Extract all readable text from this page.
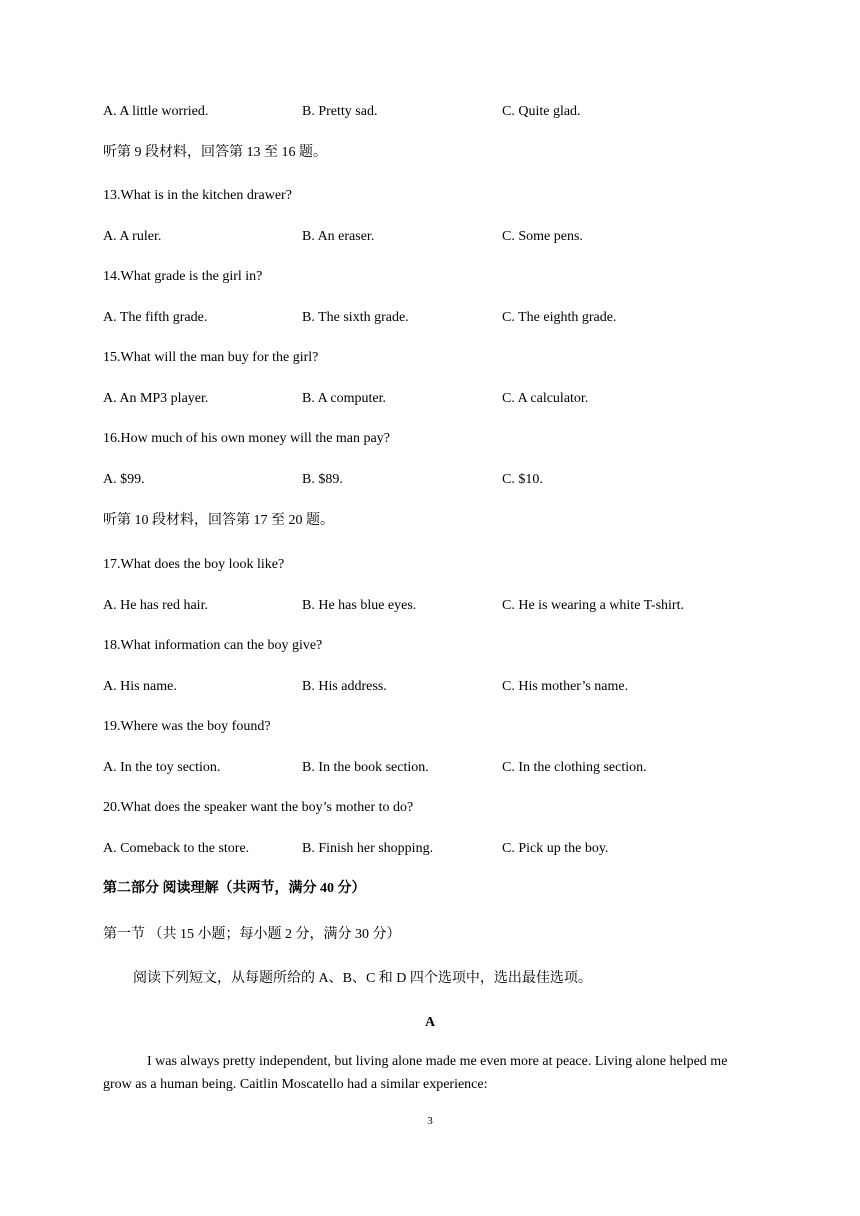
A. A little worried.	B. Pretty sad.	C. Quite glad.
听第 9 段材料，回答第 13 至 16 题。
13.What is in the kitchen drawer?
A. A ruler.	B. An eraser.	C. Some pens.
14.What grade is the girl in?
A. The fifth grade.	B. The sixth grade.	C. The eighth grade.
15.What will the man buy for the girl?
A. An MP3 player.	B. A computer.	C. A calculator.
16.How much of his own money will the man pay?
A. $99.	B. $89.	C. $10.
听第 10 段材料，回答第 17 至 20 题。
17.What does the boy look like?
A. He has red hair.	B. He has blue eyes.	C. He is wearing a white T-shirt.
18.What information can the boy give?
A. His name.	B. His address.	C. His mother’s name.
19.Where was the boy found?
A. In the toy section.	B. In the book section.	C. In the clothing section.
20.What does the speaker want the boy’s mother to do?
A. Comeback to the store.	B. Finish her shopping.	C. Pick up the boy.
第二部分 阅读理解（共两节，满分 40 分）
第一节 （共 15 小题；每小题 2 分，满分 30 分）
阅读下列短文，从每题所给的 A、B、C 和 D 四个选项中，选出最佳选项。
A
I was always pretty independent, but living alone made me even more at peace. Living alone helped me grow as a human being. Caitlin Moscatello had a similar experience:
3
